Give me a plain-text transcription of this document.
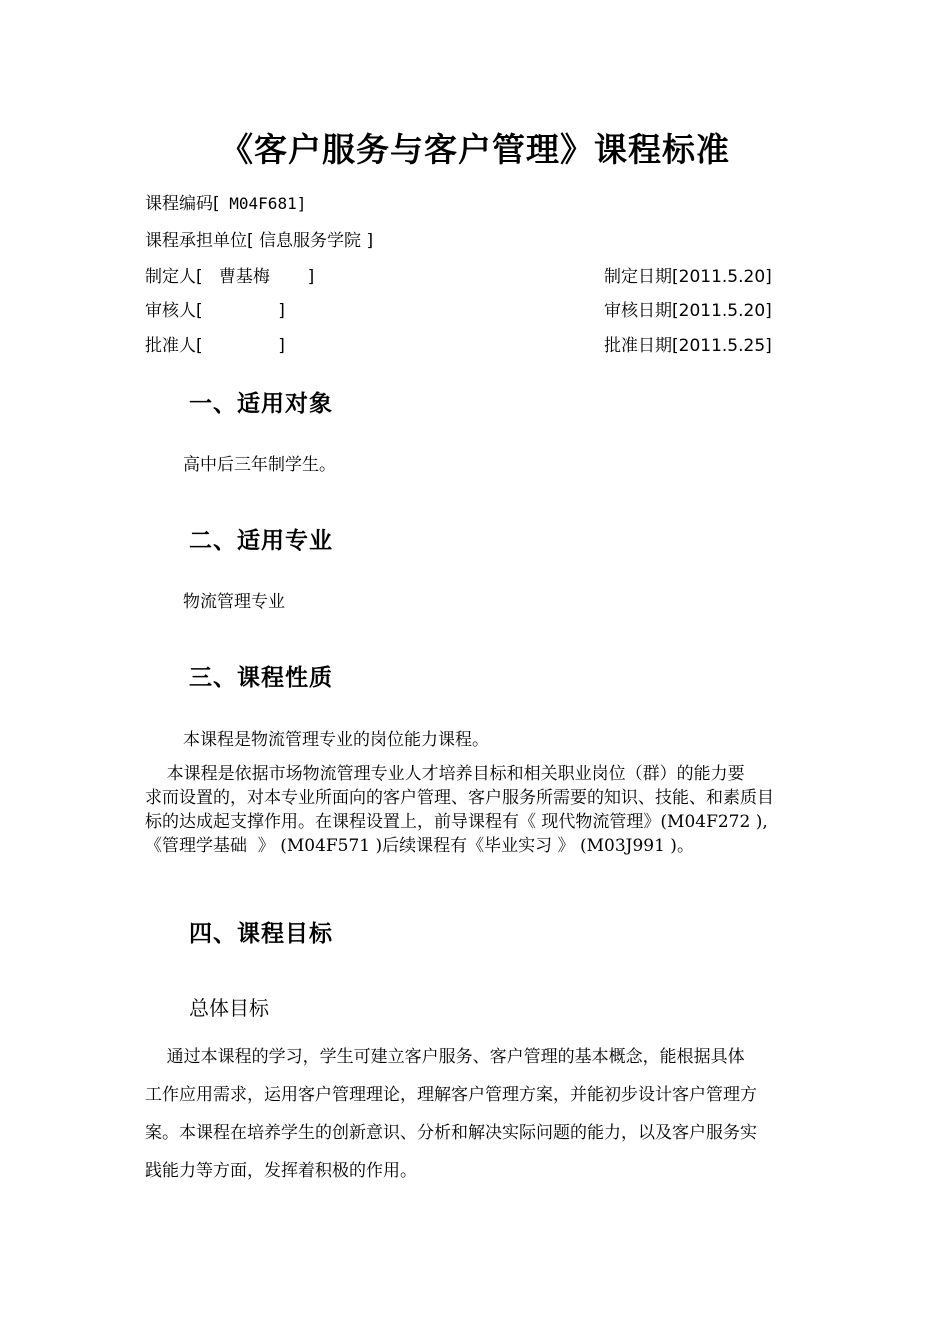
《客户服务与客户管理》课程标准
课程编码[ M04F681]
课程承担单位[ 信息服务学院 ]
制定人[   曹基梅       ]	制定日期[2011.5.20]
审核人[              ]	审核日期[2011.5.20]
批准人[              ]	批准日期[2011.5.25]
一、适用对象
高中后三年制学生。
二、适用专业
物流管理专业
三、课程性质
本课程是物流管理专业的岗位能力课程。
本课程是依据市场物流管理专业人才培养目标和相关职业岗位（群）的能力要
求而设置的，对本专业所面向的客户管理、客户服务所需要的知识、技能、和素质目
标的达成起支撑作用。在课程设置上，前导课程有《 现代物流管理》(M04F272 ),
《管理学基础  》 (M04F571 )后续课程有《毕业实习 》 (M03J991 )。
四、课程目标
总体目标
通过本课程的学习，学生可建立客户服务、客户管理的基本概念，能根据具体
工作应用需求，运用客户管理理论，理解客户管理方案，并能初步设计客户管理方
案。本课程在培养学生的创新意识、分析和解决实际问题的能力，以及客户服务实
践能力等方面，发挥着积极的作用。
